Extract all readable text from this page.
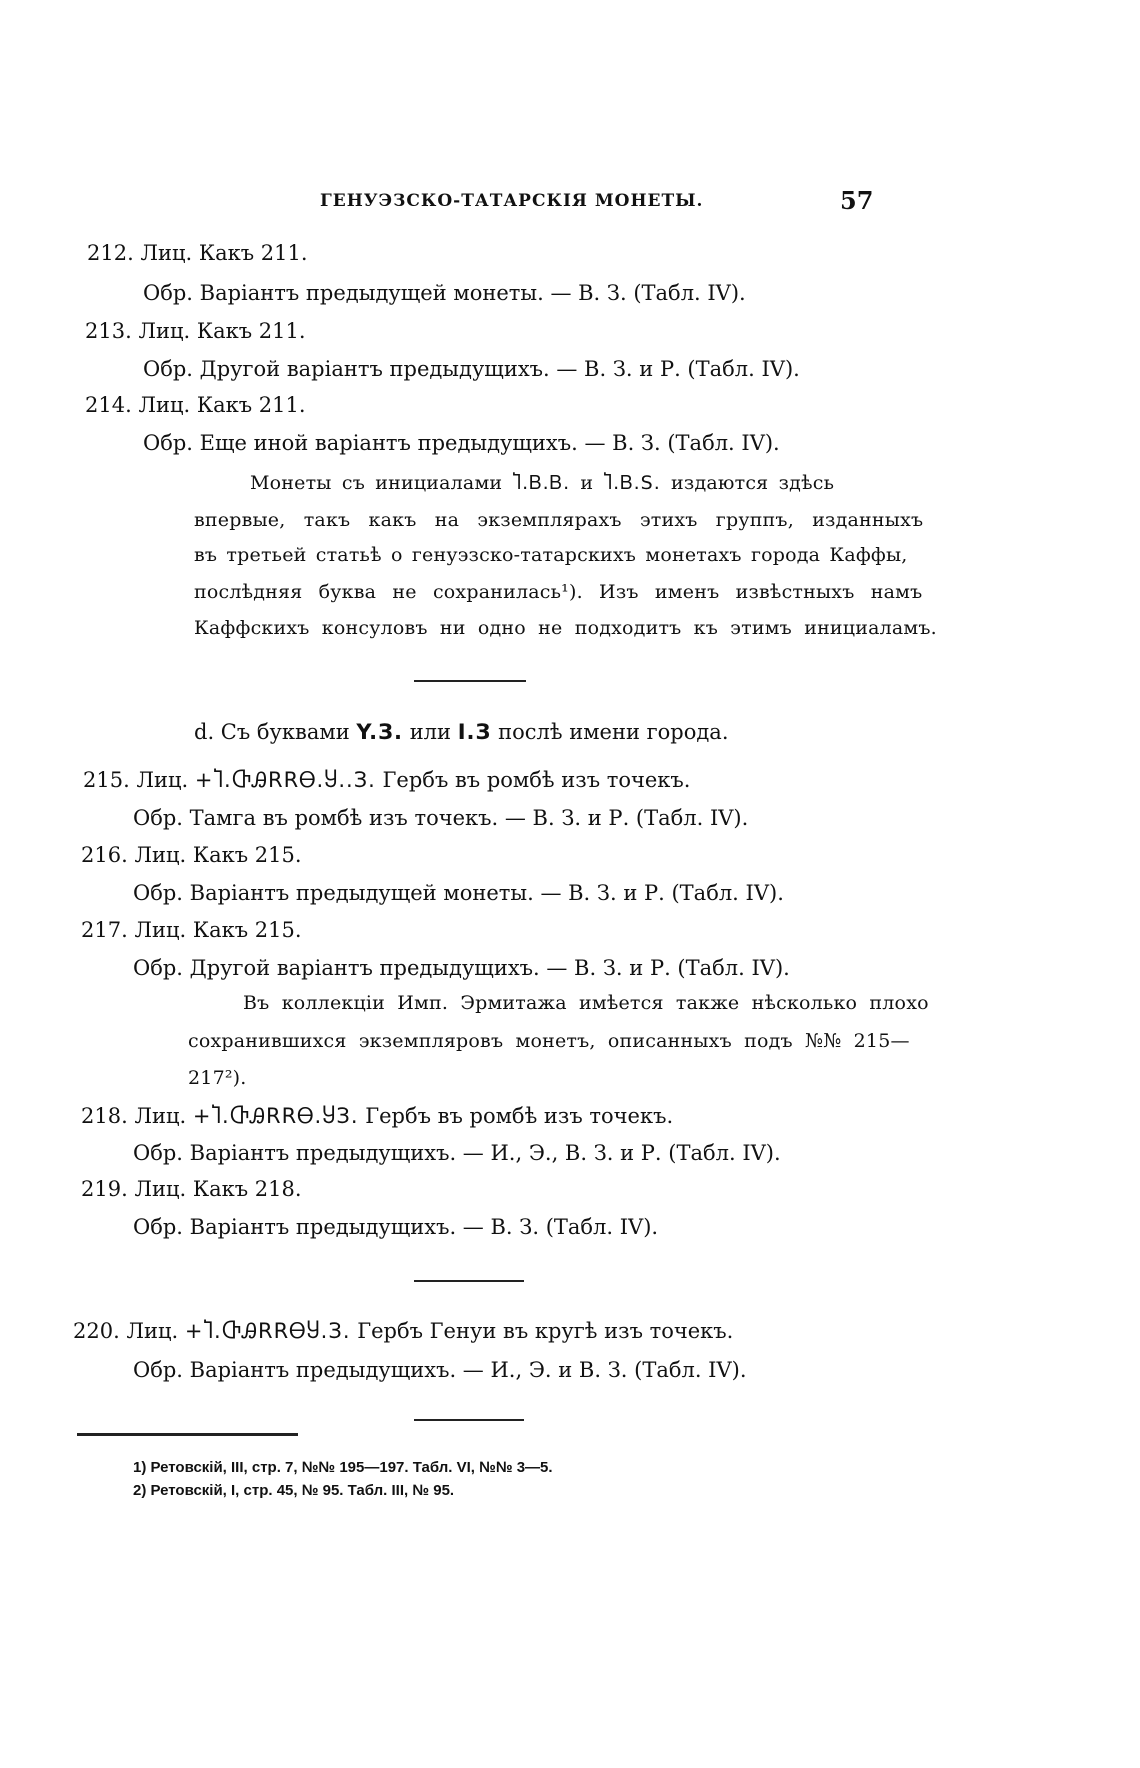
ГЕНУЭЗСКО-ТАТАРСКІЯ МОНЕТЫ.	57
212. Лиц. Какъ 211.
Обр. Варіантъ предыдущей монеты. — В. З. (Табл. IV).
213. Лиц. Какъ 211.
Обр. Другой варіантъ предыдущихъ. — В. З. и Р. (Табл. IV).
214. Лиц. Какъ 211.
Обр. Еще иной варіантъ предыдущихъ. — В. З. (Табл. IV).
Монеты съ инициалами Ⴈ.Ᏼ.Ᏼ. и Ⴈ.Ᏼ.S. издаются здѣсь
впервые, такъ какъ на экземплярахъ этихъ группъ, изданныхъ
въ третьей статьѣ о генуэзско-татарскихъ монетахъ города Каффы,
послѣдняя буква не сохранилась¹). Изъ именъ извѣстныхъ намъ
Каффскихъ консуловъ ни одно не подходитъ къ этимъ инициаламъ.
d. Съ буквами Y.З. или I.З послѣ имени города.
215. Лиц. +Ⴈ.ႧᎯRRᎾ.Ⴘ..З. Гербъ въ ромбѣ изъ точекъ.
Обр. Тамга въ ромбѣ изъ точекъ. — В. З. и Р. (Табл. IV).
216. Лиц. Какъ 215.
Обр. Варіантъ предыдущей монеты. — В. З. и Р. (Табл. IV).
217. Лиц. Какъ 215.
Обр. Другой варіантъ предыдущихъ. — В. З. и Р. (Табл. IV).
Въ коллекціи Имп. Эрмитажа имѣется также нѣсколько плохо
сохранившихся экземпляровъ монетъ, описанныхъ подъ №№ 215—
217²).
218. Лиц. +Ⴈ.ႧᎯRRᎾ.ႸЗ. Гербъ въ ромбѣ изъ точекъ.
Обр. Варіантъ предыдущихъ. — И., Э., В. З. и Р. (Табл. IV).
219. Лиц. Какъ 218.
Обр. Варіантъ предыдущихъ. — В. З. (Табл. IV).
220. Лиц. +Ⴈ.ႧᎯRRᎾႸ.З. Гербъ Генуи въ кругѣ изъ точекъ.
Обр. Варіантъ предыдущихъ. — И., Э. и В. З. (Табл. IV).
1) Ретовскій, III, стр. 7, №№ 195—197. Табл. VI, №№ 3—5.
2) Ретовскій, I, стр. 45, № 95. Табл. III, № 95.
